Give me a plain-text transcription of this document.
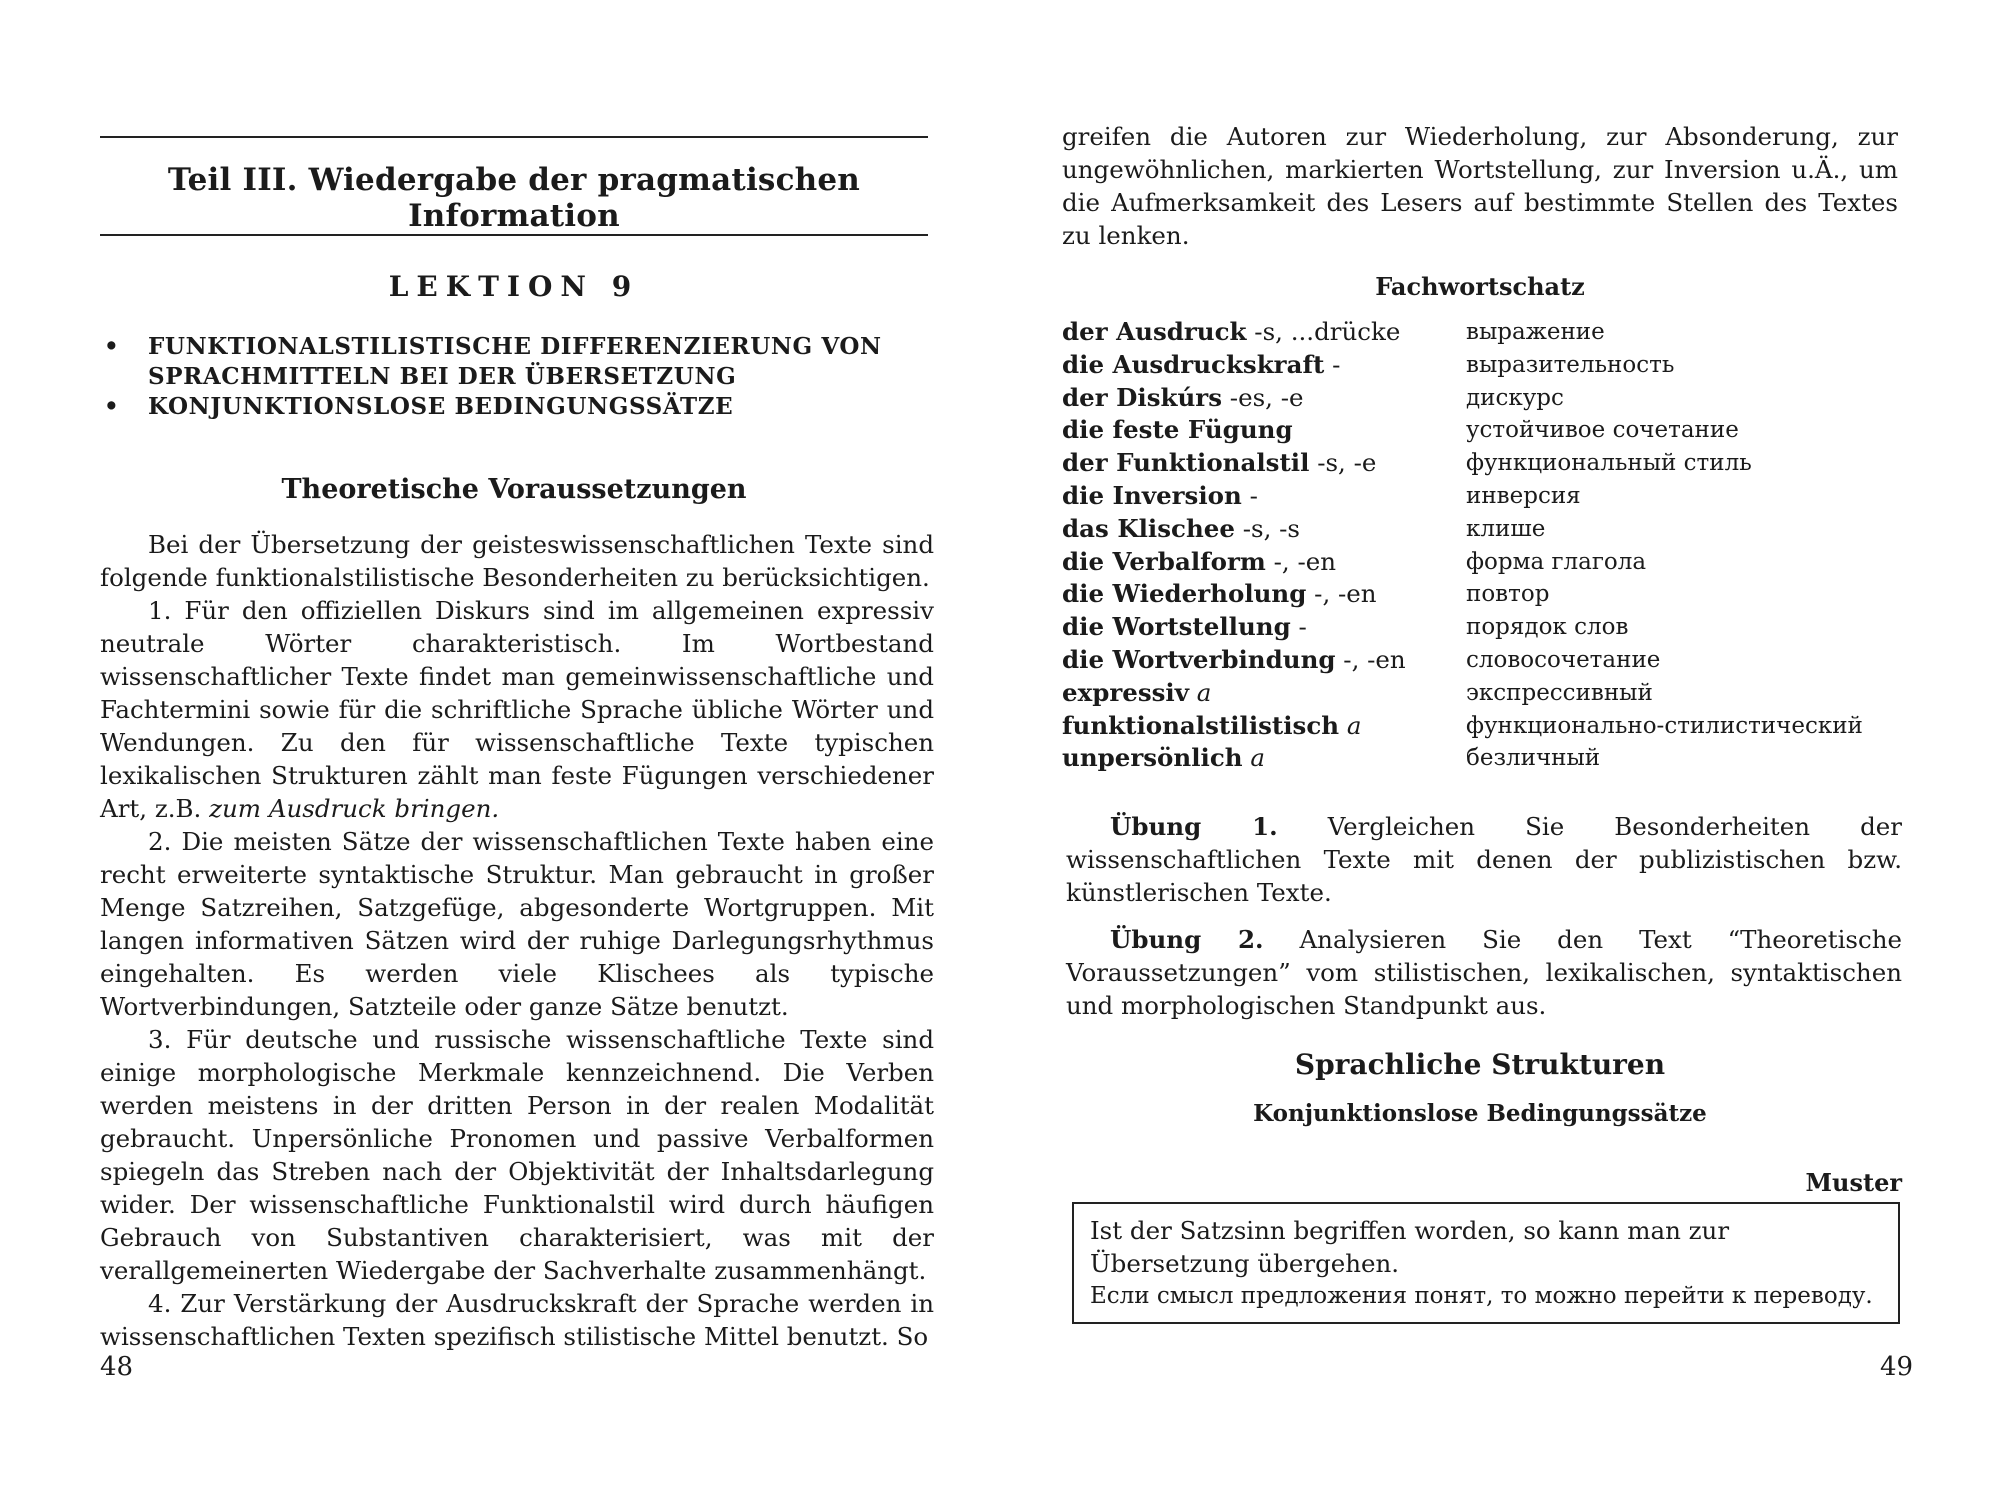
Teil III. Wiedergabe der pragmatischen Information
LEKTION 9
• FUNKTIONALSTILISTISCHE DIFFERENZIERUNG VON SPRACHMITTELN BEI DER ÜBERSETZUNG
• KONJUNKTIONSLOSE BEDINGUNGSSÄTZE
Theoretische Voraussetzungen

Bei der Übersetzung der geisteswissenschaftlichen Texte sind folgende funktionalstilistische Besonderheiten zu berücksichtigen.

1. Für den offiziellen Diskurs sind im allgemeinen expressiv neutrale Wörter charakteristisch. Im Wortbestand wissenschaftlicher Texte findet man gemeinwissenschaftliche und Fachtermini sowie für die schriftliche Sprache übliche Wörter und Wendungen. Zu den für wissenschaftliche Texte typischen lexikalischen Strukturen zählt man feste Fügungen verschiedener Art, z.B. zum Ausdruck bringen.

2. Die meisten Sätze der wissenschaftlichen Texte haben eine recht erweiterte syntaktische Struktur. Man gebraucht in großer Menge Satzreihen, Satzgefüge, abgesonderte Wortgruppen. Mit langen informativen Sätzen wird der ruhige Darlegungsrhythmus eingehalten. Es werden viele Klischees als typische Wortverbindungen, Satzteile oder ganze Sätze benutzt.

3. Für deutsche und russische wissenschaftliche Texte sind einige morphologische Merkmale kennzeichnend. Die Verben werden meistens in der dritten Person in der realen Modalität gebraucht. Unpersönliche Pronomen und passive Verbalformen spiegeln das Streben nach der Objektivität der Inhaltsdarlegung wider. Der wissenschaftliche Funktionalstil wird durch häufigen Gebrauch von Substantiven charakterisiert, was mit der verallgemeinerten Wiedergabe der Sachverhalte zusammenhängt.

4. Zur Verstärkung der Ausdruckskraft der Sprache werden in wissenschaftlichen Texten spezifisch stilistische Mittel benutzt. So

48
greifen die Autoren zur Wiederholung, zur Absonderung, zur ungewöhnlichen, markierten Wortstellung, zur Inversion u.Ä., um die Aufmerksamkeit des Lesers auf bestimmte Stellen des Textes zu lenken.
Fachwortschatz
der Ausdruck -s, ...drücke	выражение
die Ausdruckskraft -	выразительность
der Diskúrs -es, -e	дискурс
die feste Fügung	устойчивое сочетание
der Funktionalstil -s, -e	функциональный стиль
die Inversion -	инверсия
das Klischee -s, -s	клише
die Verbalform -, -en	форма глагола
die Wiederholung -, -en	повтор
die Wortstellung -	порядок слов
die Wortverbindung -, -en	словосочетание
expressiv a	экспрессивный
funktionalstilistisch a	функционально-стилистический
unpersönlich a	безличный

Übung 1. Vergleichen Sie Besonderheiten der wissenschaftlichen Texte mit denen der publizistischen bzw. künstlerischen Texte.

Übung 2. Analysieren Sie den Text “Theoretische Voraussetzungen” vom stilistischen, lexikalischen, syntaktischen und morphologischen Standpunkt aus.

Sprachliche Strukturen
Konjunktionslose Bedingungssätze
Muster
Ist der Satzsinn begriffen worden, so kann man zur Übersetzung übergehen.
Если смысл предложения понят, то можно перейти к переводу.
49
